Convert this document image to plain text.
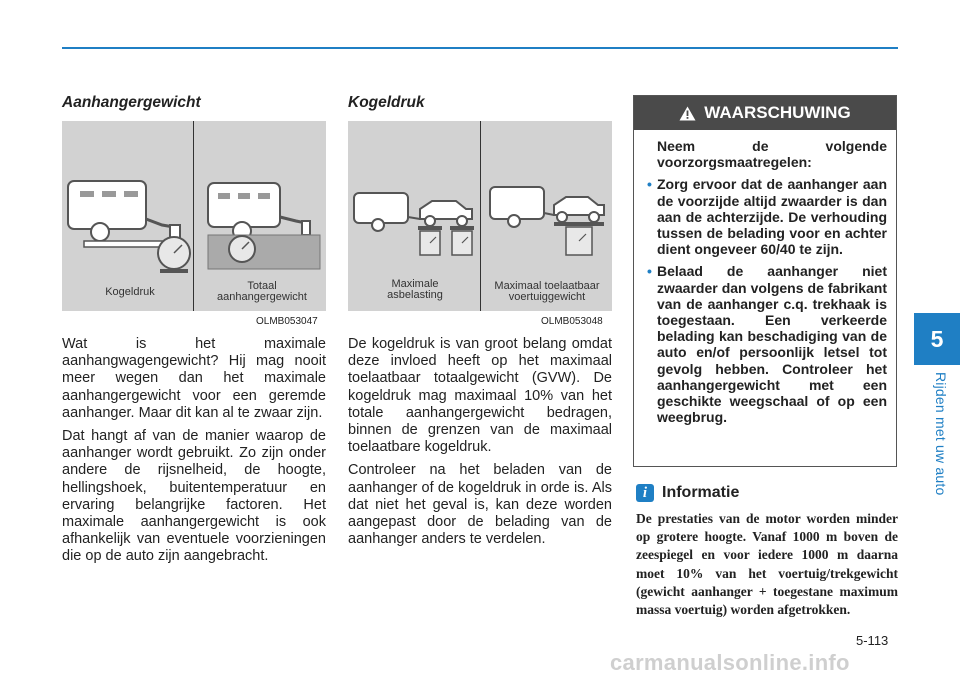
5
Rijden met uw auto
Aanhangergewicht
Kogeldruk	Totaal
aanhangergewicht
OLMB053047

Wat is het maximale aanhangwagengewicht? Hij mag nooit meer wegen dan het maximale aanhangergewicht voor een geremde aanhanger. Maar dit kan al te zwaar zijn.

Dat hangt af van de manier waarop de aanhanger wordt gebruikt. Zo zijn onder andere de rijsnelheid, de hoogte, hellingshoek, buitentemperatuur en ervaring belangrijke factoren. Het maximale aanhangergewicht is ook afhankelijk van eventuele voorzieningen die op de auto zijn aangebracht.

Kogeldruk
Maximale
asbelasting
Maximaal toelaatbaar
voertuiggewicht
OLMB053048

De kogeldruk is van groot belang omdat deze invloed heeft op het maximaal toelaatbaar totaalgewicht (GVW). De kogeldruk mag maximaal 10% van het totale aanhangergewicht bedragen, binnen de grenzen van de maximaal toelaatbare kogeldruk.

Controleer na het beladen van de aanhanger of de kogeldruk in orde is. Als dat niet het geval is, kan deze worden aangepast door de belading van de aanhanger anders te verdelen.

WAARSCHUWING

Neem de volgende voorzorgsmaatregelen:

• Zorg ervoor dat de aanhanger aan de voorzijde altijd zwaarder is dan aan de achterzijde. De verhouding tussen de belading voor en achter dient ongeveer 60/40 te zijn.
• Belaad de aanhanger niet zwaarder dan volgens de fabrikant van de aanhanger c.q. trekhaak is toegestaan. Een verkeerde belading kan beschadiging van de auto en/of persoonlijk letsel tot gevolg hebben. Controleer het aanhangergewicht met een geschikte weegschaal of op een weegbrug.
i Informatie

De prestaties van de motor worden minder op grotere hoogte. Vanaf 1000 m boven de zeespiegel en voor iedere 1000 m daarna moet 10% van het voertuig/trekgewicht (gewicht aanhanger + toegestane maximum massa voertuig) worden afgetrokken.

5-113
carmanualsonline.info
